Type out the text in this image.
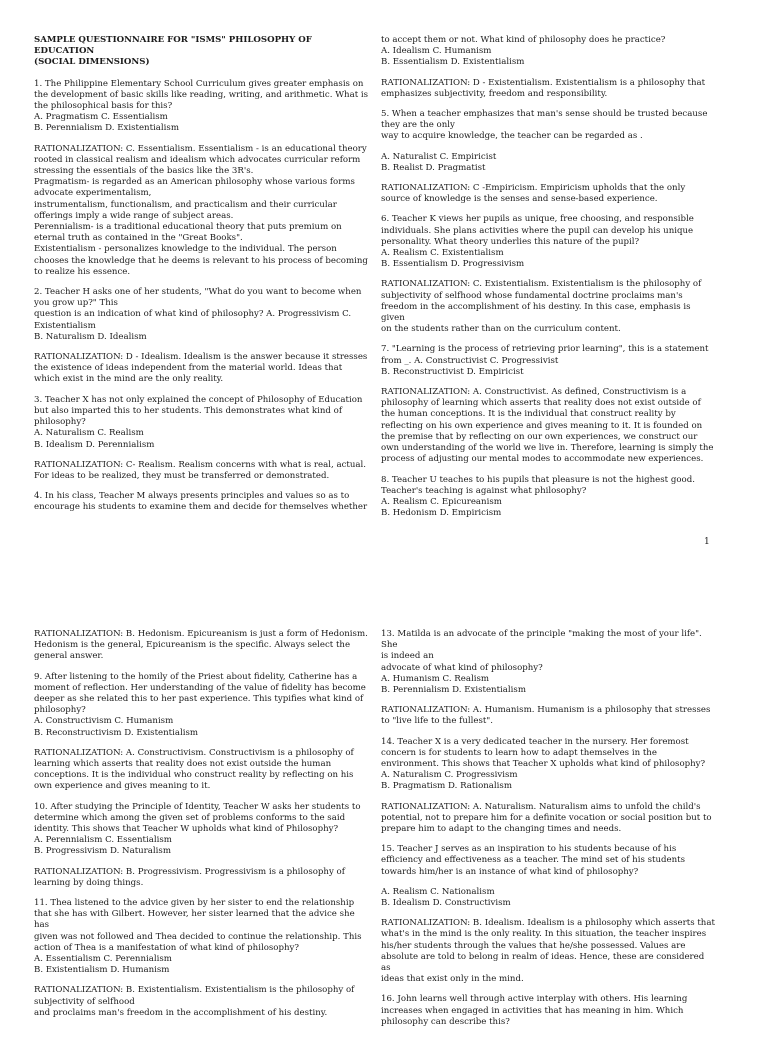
SAMPLE QUESTIONNAIRE FOR "ISMS" PHILOSOPHY OF EDUCATION
(SOCIAL DIMENSIONS)
1. The Philippine Elementary School Curriculum gives greater emphasis on
the development of basic skills like reading, writing, and arithmetic. What is
the philosophical basis for this?
A. Pragmatism C. Essentialism
B. Perennialism D. Existentialism
RATIONALIZATION: C. Essentialism. Essentialism - is an educational theory
rooted in classical realism and idealism which advocates curricular reform
stressing the essentials of the basics like the 3R's.
Pragmatism- is regarded as an American philosophy whose various forms
advocate experimentalism,
instrumentalism, functionalism, and practicalism and their curricular
offerings imply a wide range of subject areas.
Perennialism- is a traditional educational theory that puts premium on
eternal truth as contained in the "Great Books".
Existentialism - personalizes knowledge to the individual. The person
chooses the knowledge that he deems is relevant to his process of becoming
to realize his essence.
2. Teacher H asks one of her students, "What do you want to become when
you grow up?" This
question is an indication of what kind of philosophy? A. Progressivism C.
Existentialism
B. Naturalism D. Idealism
RATIONALIZATION: D - Idealism. Idealism is the answer because it stresses
the existence of ideas independent from the material world. Ideas that
which exist in the mind are the only reality.
3. Teacher X has not only explained the concept of Philosophy of Education
but also imparted this to her students. This demonstrates what kind of
philosophy?
A. Naturalism C. Realism
B. Idealism D. Perennialism
RATIONALIZATION: C- Realism. Realism concerns with what is real, actual.
For ideas to be realized, they must be transferred or demonstrated.
4. In his class, Teacher M always presents principles and values so as to
encourage his students to examine them and decide for themselves whether
to accept them or not. What kind of philosophy does he practice?
A. Idealism C. Humanism
B. Essentialism D. Existentialism
RATIONALIZATION: D - Existentialism. Existentialism is a philosophy that
emphasizes subjectivity, freedom and responsibility.
5. When a teacher emphasizes that man's sense should be trusted because
they are the only
way to acquire knowledge, the teacher can be regarded as .
A. Naturalist C. Empiricist
B. Realist D. Pragmatist
RATIONALIZATION: C -Empiricism. Empiricism upholds that the only
source of knowledge is the senses and sense-based experience.
6. Teacher K views her pupils as unique, free choosing, and responsible
individuals. She plans activities where the pupil can develop his unique
personality. What theory underlies this nature of the pupil?
A. Realism C. Existentialism
B. Essentialism D. Progressivism
RATIONALIZATION: C. Existentialism. Existentialism is the philosophy of
subjectivity of selfhood whose fundamental doctrine proclaims man's
freedom in the accomplishment of his destiny. In this case, emphasis is given
on the students rather than on the curriculum content.
7. "Learning is the process of retrieving prior learning", this is a statement
from _. A. Constructivist C. Progressivist
B. Reconstructivist D. Empiricist
RATIONALIZATION: A. Constructivist. As defined, Constructivism is a
philosophy of learning which asserts that reality does not exist outside of
the human conceptions. It is the individual that construct reality by
reflecting on his own experience and gives meaning to it. It is founded on
the premise that by reflecting on our own experiences, we construct our
own understanding of the world we live in. Therefore, learning is simply the
process of adjusting our mental modes to accommodate new experiences.
8. Teacher U teaches to his pupils that pleasure is not the highest good.
Teacher's teaching is against what philosophy?
A. Realism C. Epicureanism
B. Hedonism D. Empiricism
1
RATIONALIZATION: B. Hedonism. Epicureanism is just a form of Hedonism.
Hedonism is the general, Epicureanism is the specific. Always select the
general answer.
9. After listening to the homily of the Priest about fidelity, Catherine has a
moment of reflection. Her understanding of the value of fidelity has become
deeper as she related this to her past experience. This typifies what kind of
philosophy?
A. Constructivism C. Humanism
B. Reconstructivism D. Existentialism
RATIONALIZATION: A. Constructivism. Constructivism is a philosophy of
learning which asserts that reality does not exist outside the human
conceptions. It is the individual who construct reality by reflecting on his
own experience and gives meaning to it.
10. After studying the Principle of Identity, Teacher W asks her students to
determine which among the given set of problems conforms to the said
identity. This shows that Teacher W upholds what kind of Philosophy?
A. Perennialism C. Essentialism
B. Progressivism D. Naturalism
RATIONALIZATION: B. Progressivism. Progressivism is a philosophy of
learning by doing things.
11. Thea listened to the advice given by her sister to end the relationship
that she has with Gilbert. However, her sister learned that the advice she has
given was not followed and Thea decided to continue the relationship. This
action of Thea is a manifestation of what kind of philosophy?
A. Essentialism C. Perennialism
B. Existentialism D. Humanism
RATIONALIZATION: B. Existentialism. Existentialism is the philosophy of
subjectivity of selfhood
and proclaims man's freedom in the accomplishment of his destiny.
13. Matilda is an advocate of the principle "making the most of your life". She
is indeed an
advocate of what kind of philosophy?
A. Humanism C. Realism
B. Perennialism D. Existentialism
RATIONALIZATION: A. Humanism. Humanism is a philosophy that stresses
to "live life to the fullest".
14. Teacher X is a very dedicated teacher in the nursery. Her foremost
concern is for students to learn how to adapt themselves in the
environment. This shows that Teacher X upholds what kind of philosophy?
A. Naturalism C. Progressivism
B. Pragmatism D. Rationalism
RATIONALIZATION: A. Naturalism. Naturalism aims to unfold the child's
potential, not to prepare him for a definite vocation or social position but to
prepare him to adapt to the changing times and needs.
15. Teacher J serves as an inspiration to his students because of his
efficiency and effectiveness as a teacher. The mind set of his students
towards him/her is an instance of what kind of philosophy?
A. Realism C. Nationalism
B. Idealism D. Constructivism
RATIONALIZATION: B. Idealism. Idealism is a philosophy which asserts that
what's in the mind is the only reality. In this situation, the teacher inspires
his/her students through the values that he/she possessed. Values are
absolute are told to belong in realm of ideas. Hence, these are considered as
ideas that exist only in the mind.
16. John learns well through active interplay with others. His learning
increases when engaged in activities that has meaning in him. Which
philosophy can describe this?
